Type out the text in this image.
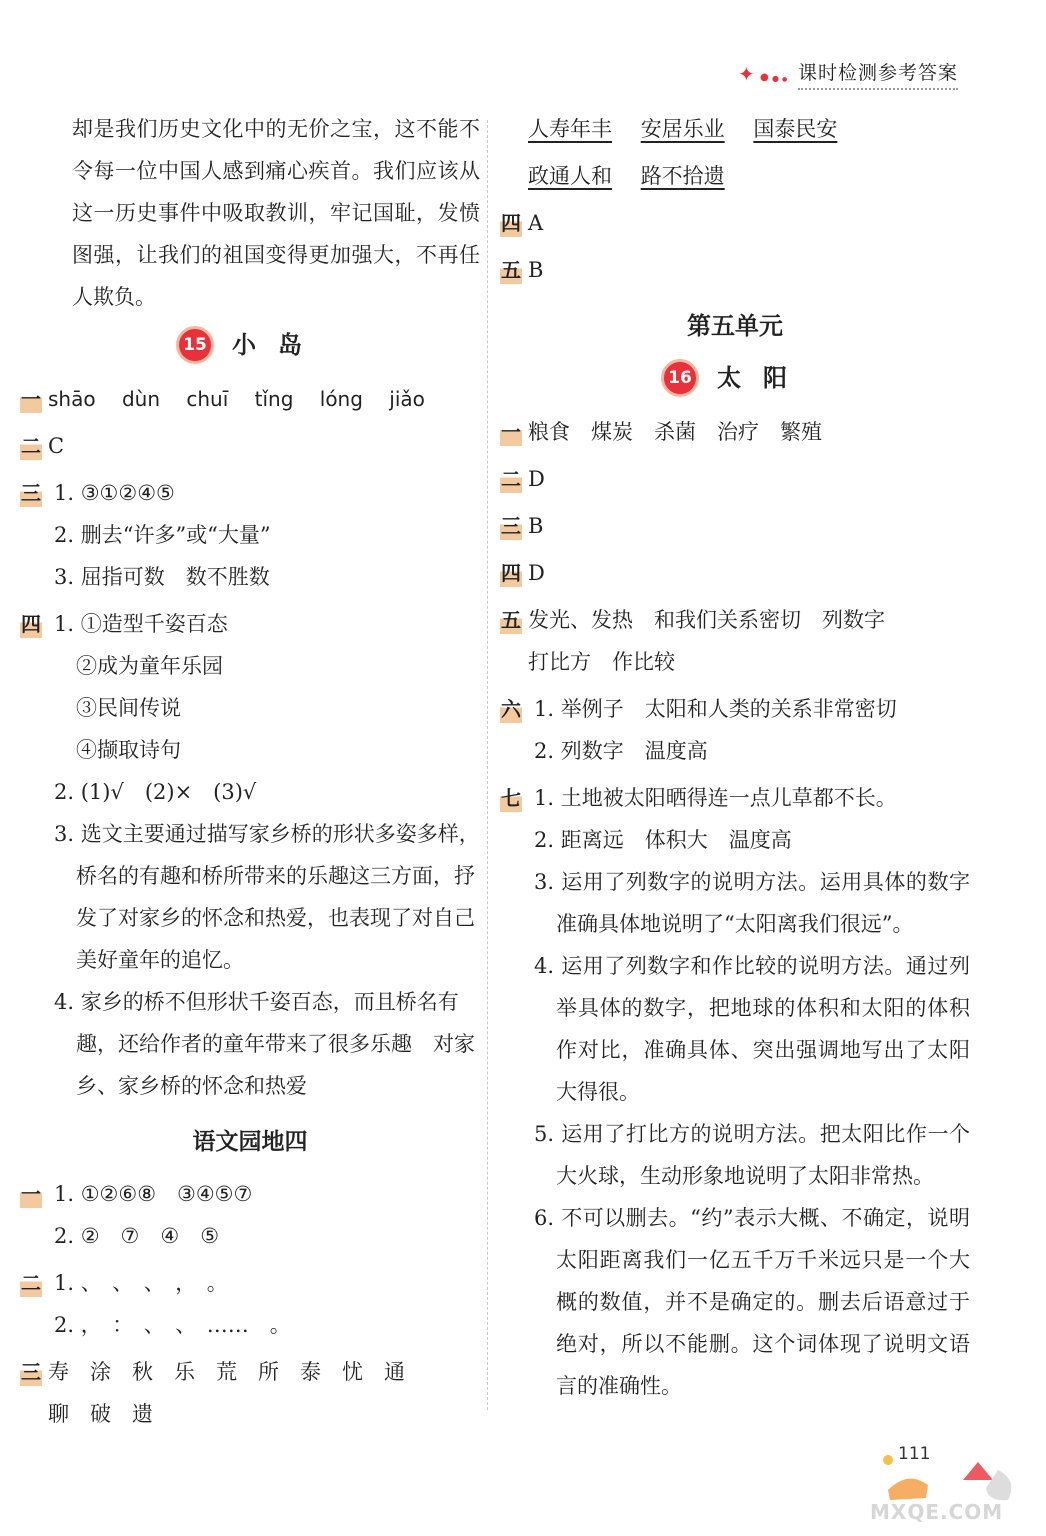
✦ ● ● ● 课时检测参考答案
却是我们历史文化中的无价之宝，这不能不令每一位中国人感到痛心疾首。我们应该从这一历史事件中吸取教训，牢记国耻，发愤图强，让我们的祖国变得更加强大，不再任人欺负。
15 小岛
一 shāo dùn chuī tǐng lóng jiǎo
二 C
三 1. ③①②④⑤
2. 删去“许多”或“大量”
3. 屈指可数　数不胜数
四 1. ①造型千姿百态
②成为童年乐园
③民间传说
④撷取诗句
2. (1)√　(2)×　(3)√
3. 选文主要通过描写家乡桥的形状多姿多样，桥名的有趣和桥所带来的乐趣这三方面，抒发了对家乡的怀念和热爱，也表现了对自己美好童年的追忆。
4. 家乡的桥不但形状千姿百态，而且桥名有趣，还给作者的童年带来了很多乐趣　对家乡、家乡桥的怀念和热爱
语文园地四
一 1. ①②⑥⑧　③④⑤⑦
2. ②　⑦　④　⑤
二 1. 、　、　、　，　。
2. ，　：　、　、　……　。
三 寿　涂　秋　乐　荒　所　泰　忧　通
聊　破　遗
人寿年丰 安居乐业 国泰民安
政通人和 路不拾遗
四 A
五 B
第五单元
16 太阳
一 粮食　煤炭　杀菌　治疗　繁殖
二 D
三 B
四 D
五 发光、发热　和我们关系密切　列数字
打比方　作比较
六 1. 举例子　太阳和人类的关系非常密切
2. 列数字　温度高
七 1. 土地被太阳晒得连一点儿草都不长。
2. 距离远　体积大　温度高
3. 运用了列数字的说明方法。运用具体的数字准确具体地说明了“太阳离我们很远”。
4. 运用了列数字和作比较的说明方法。通过列举具体的数字，把地球的体积和太阳的体积作对比，准确具体、突出强调地写出了太阳大得很。
5. 运用了打比方的说明方法。把太阳比作一个大火球，生动形象地说明了太阳非常热。
6. 不可以删去。“约”表示大概、不确定，说明太阳距离我们一亿五千万千米远只是一个大概的数值，并不是确定的。删去后语意过于绝对，所以不能删。这个词体现了说明文语言的准确性。
111
MXQE.COM
